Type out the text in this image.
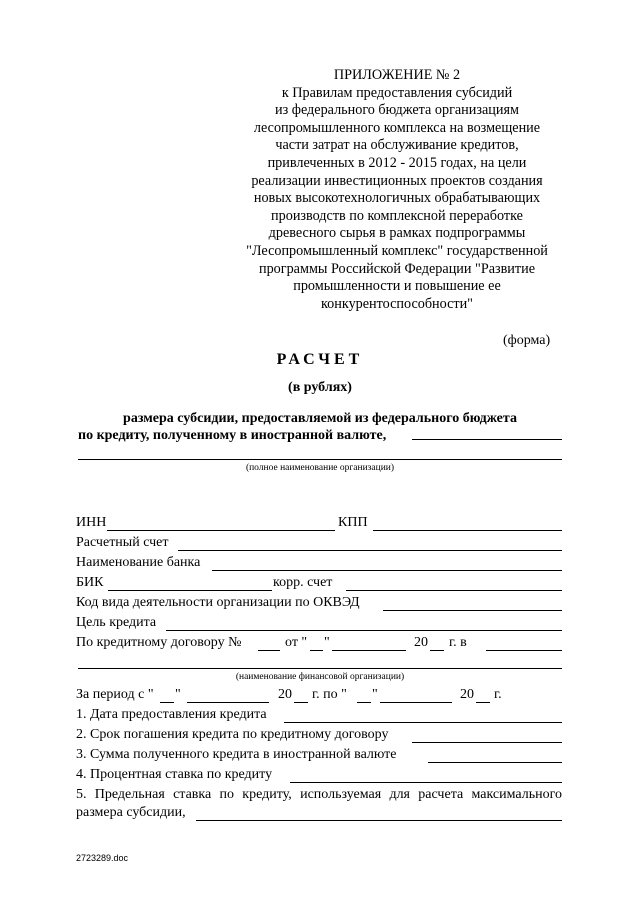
ПРИЛОЖЕНИЕ № 2
к Правилам предоставления субсидий
из федерального бюджета организациям
лесопромышленного комплекса на возмещение
части затрат на обслуживание кредитов,
привлеченных в 2012 - 2015 годах, на цели
реализации инвестиционных проектов создания
новых высокотехнологичных обрабатывающих
производств по комплексной переработке
древесного сырья в рамках подпрограммы
"Лесопромышленный комплекс" государственной
программы Российской Федерации "Развитие
промышленности и повышение ее
конкурентоспособности"
(форма)
РАСЧЕТ
(в рублях)
размера субсидии, предоставляемой из федерального бюджета
по кредиту, полученному в иностранной валюте,
(полное наименование организации)
ИНН	КПП
Расчетный счет
Наименование банка
БИК	корр. счет
Код вида деятельности организации по ОКВЭД
Цель кредита
По кредитному договору №	от " "	20 г. в
(наименование финансовой организации)
За период с " "	20 г. по " "	20 г.
1. Дата предоставления кредита
2. Срок погашения кредита по кредитному договору
3. Сумма полученного кредита в иностранной валюте
4. Процентная ставка по кредиту
5. Предельная ставка по кредиту, используемая для расчета максимального
размера субсидии,
2723289.doc
